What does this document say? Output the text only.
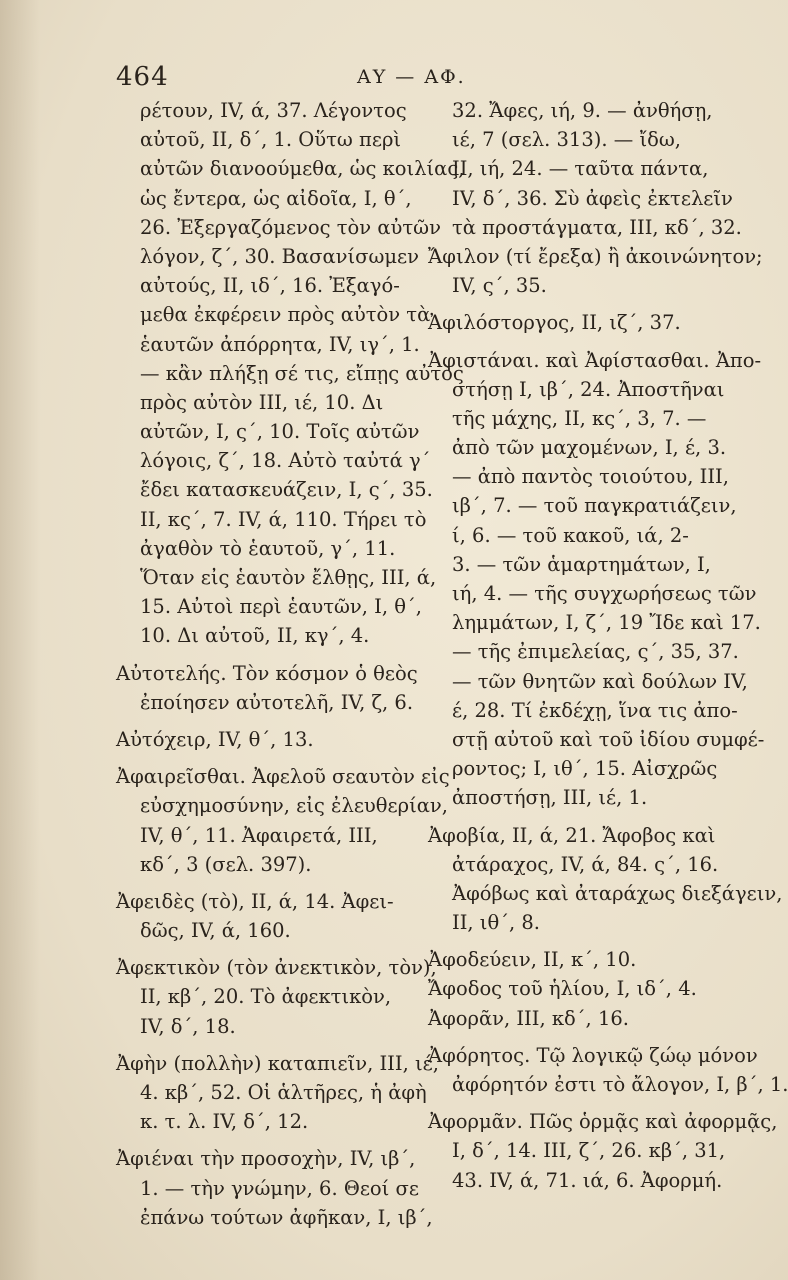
464	ΑΥ — ΑΦ.
ρέτουν, IV, ά, 37. Λέγοντος
αὐτοῦ, II, δ΄, 1. Οὕτω περὶ
αὐτῶν διανοούμεθα, ὡς κοιλίας,
ὡς ἔντερα, ὡς αἰδοῖα, I, θ΄,
26. Ἐξεργαζόμενος τὸν αὐτῶν
λόγον, ζ΄, 30. Βασανίσωμεν
αὐτούς, II, ιδ΄, 16. Ἐξαγό-
μεθα ἐκφέρειν πρὸς αὐτὸν τὰ
ἑαυτῶν ἀπόρρητα, IV, ιγ΄, 1.
— κἂν πλήξῃ σέ τις, εἴπῃς αὐτὸς
πρὸς αὐτὸν III, ιέ, 10. Δι
αὐτῶν, I, ς΄, 10. Τοῖς αὐτῶν
λόγοις, ζ΄, 18. Αὐτὸ ταὐτά γ΄
ἔδει κατασκευάζειν, I, ς΄, 35.
II, κς΄, 7. IV, ά, 110. Τήρει τὸ
ἀγαθὸν τὸ ἑαυτοῦ, γ΄, 11.
Ὅταν εἰς ἑαυτὸν ἔλθῃς, III, ά,
15. Αὐτοὶ περὶ ἑαυτῶν, I, θ΄,
10. Δι αὐτοῦ, II, κγ΄, 4.
Αὐτοτελής. Τὸν κόσμον ὁ θεὸς
ἐποίησεν αὐτοτελῆ, IV, ζ, 6.
Αὐτόχειρ, IV, θ΄, 13.
Ἀφαιρεῖσθαι. Ἀφελοῦ σεαυτὸν εἰς
εὐσχημοσύνην, εἰς ἐλευθερίαν,
IV, θ΄, 11. Ἀφαιρετά, III,
κδ΄, 3 (σελ. 397).
Ἀφειδὲς (τὸ), II, ά, 14. Ἀφει-
δῶς, IV, ά, 160.
Ἀφεκτικὸν (τὸν ἀνεκτικὸν, τὸν),
II, κβ΄, 20. Τὸ ἀφεκτικὸν,
IV, δ΄, 18.
Ἀφὴν (πολλὴν) καταπιεῖν, III, ιέ,
4. κβ΄, 52. Οἱ ἁλτῆρες, ἡ ἀφὴ
κ. τ. λ. IV, δ΄, 12.
Ἀφιέναι τὴν προσοχὴν, IV, ιβ΄,
1. — τὴν γνώμην, 6. Θεοί σε
ἐπάνω τούτων ἀφῆκαν, I, ιβ΄,
32. Ἄφες, ιή, 9. — ἀνθήσῃ,
ιέ, 7 (σελ. 313). — ἴδω,
II, ιή, 24. — ταῦτα πάντα,
IV, δ΄, 36. Σὺ ἀφεὶς ἐκτελεῖν
τὰ προστάγματα, III, κδ΄, 32.
Ἄφιλον (τί ἔρεξα) ἢ ἀκοινώνητον;
IV, ς΄, 35.
Ἀφιλόστοργος, II, ιζ΄, 37.
Ἀφιστάναι. καὶ Ἀφίστασθαι. Ἀπο-
στήσῃ I, ιβ΄, 24. Ἀποστῆναι
τῆς μάχης, II, κς΄, 3, 7. —
ἀπὸ τῶν μαχομένων, I, έ, 3.
— ἀπὸ παντὸς τοιούτου, III,
ιβ΄, 7. — τοῦ παγκρατιάζειν,
ί, 6. — τοῦ κακοῦ, ιά, 2-
3. — τῶν ἁμαρτημάτων, I,
ιή, 4. — τῆς συγχωρήσεως τῶν
λημμάτων, I, ζ΄, 19 Ἴδε καὶ 17.
— τῆς ἐπιμελείας, ς΄, 35, 37.
— τῶν θνητῶν καὶ δούλων IV,
έ, 28. Τί ἐκδέχῃ, ἵνα τις ἀπο-
στῇ αὐτοῦ καὶ τοῦ ἰδίου συμφέ-
ροντος; I, ιθ΄, 15. Αἰσχρῶς
ἀποστήσῃ, III, ιέ, 1.
Ἀφοβία, II, ά, 21. Ἄφοβος καὶ
ἀτάραχος, IV, ά, 84. ς΄, 16.
Ἀφόβως καὶ ἀταράχως διεξάγειν,
II, ιθ΄, 8.
Ἀφοδεύειν, II, κ΄, 10.
Ἄφοδος τοῦ ἡλίου, I, ιδ΄, 4.
Ἀφορᾶν, III, κδ΄, 16.
Ἀφόρητος. Τῷ λογικῷ ζώῳ μόνον
ἀφόρητόν ἐστι τὸ ἄλογον, I, β΄, 1.
Ἀφορμᾶν. Πῶς ὁρμᾷς καὶ ἀφορμᾷς,
I, δ΄, 14. III, ζ΄, 26. κβ΄, 31,
43. IV, ά, 71. ιά, 6. Ἀφορμή.
